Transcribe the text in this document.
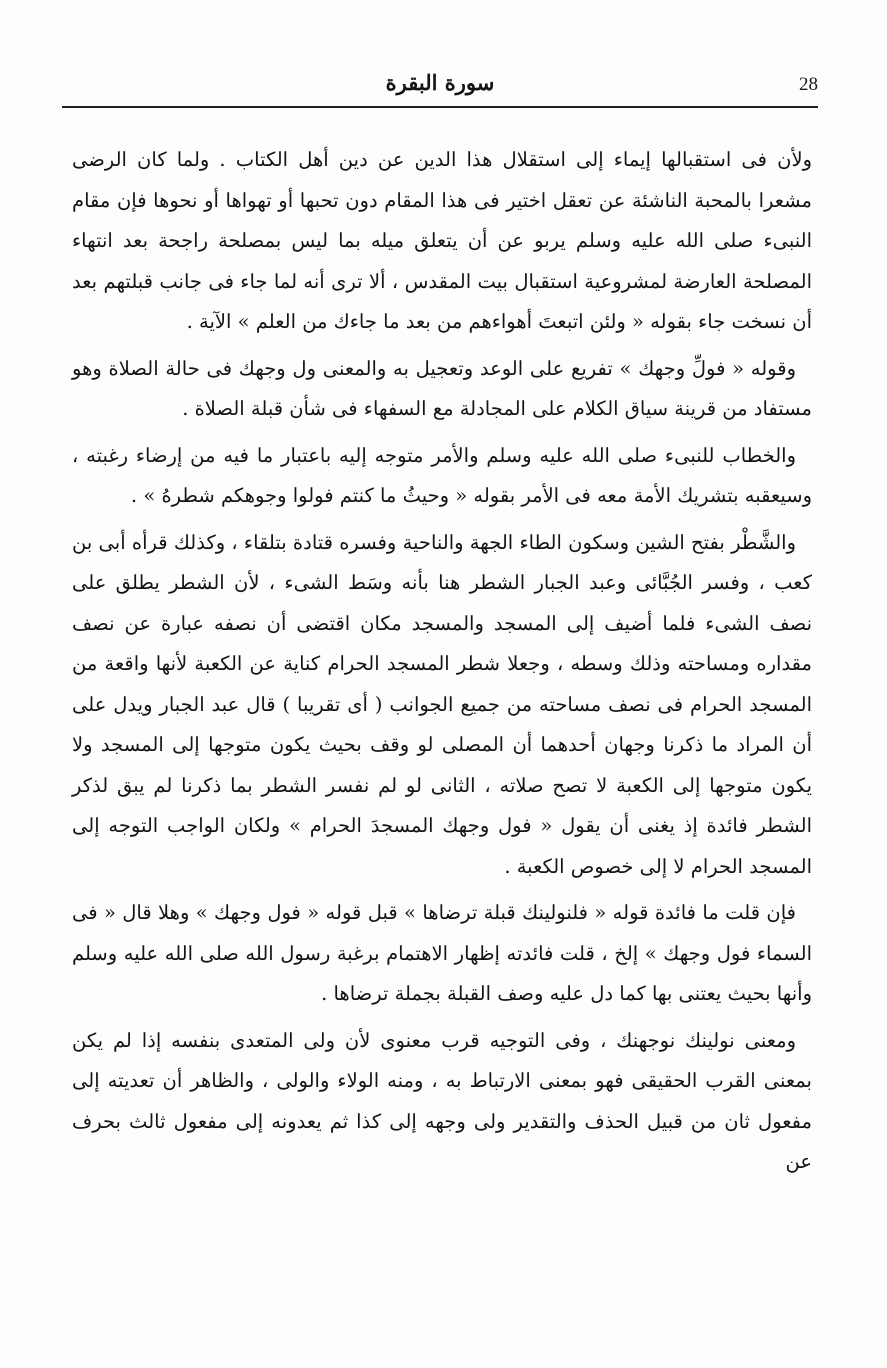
28
سورة البقرة

ولأن فى استقبالها إيماء إلى استقلال هذا الدين عن دين أهل الكتاب . ولما كان الرضى مشعرا بالمحبة الناشئة عن تعقل اختير فى هذا المقام دون تحبها أو تهواها أو نحوها فإن مقام النبىء صلى الله عليه وسلم يربو عن أن يتعلق ميله بما ليس بمصلحة راجحة بعد انتهاء المصلحة العارضة لمشروعية استقبال بيت المقدس ، ألا ترى أنه لما جاء فى جانب قبلتهم بعد أن نسخت جاء بقوله « ولئن اتبعتَ أهواءهم من بعد ما جاءك من العلم » الآية .

وقوله « فولِّ وجهك » تفريع على الوعد وتعجيل به والمعنى ول وجهك فى حالة الصلاة وهو مستفاد من قرينة سياق الكلام على المجادلة مع السفهاء فى شأن قبلة الصلاة .

والخطاب للنبىء صلى الله عليه وسلم والأمر متوجه إليه باعتبار ما فيه من إرضاء رغبته ، وسيعقبه بتشريك الأمة معه فى الأمر بقوله « وحيثُ ما كنتم فولوا وجوهكم شطرهُ » .

والشَّطْر بفتح الشين وسكون الطاء الجهة والناحية وفسره قتادة بتلقاء ، وكذلك قرأه أبى بن كعب ، وفسر الجُبَّائى وعبد الجبار الشطر هنا بأنه وسَط الشىء ، لأن الشطر يطلق على نصف الشىء فلما أضيف إلى المسجد والمسجد مكان اقتضى أن نصفه عبارة عن نصف مقداره ومساحته وذلك وسطه ، وجعلا شطر المسجد الحرام كناية عن الكعبة لأنها واقعة من المسجد الحرام فى نصف مساحته من جميع الجوانب ( أى تقريبا ) قال عبد الجبار ويدل على أن المراد ما ذكرنا وجهان أحدهما أن المصلى لو وقف بحيث يكون متوجها إلى المسجد ولا يكون متوجها إلى الكعبة لا تصح صلاته ، الثانى لو لم نفسر الشطر بما ذكرنا لم يبق لذكر الشطر فائدة إذ يغنى أن يقول « فول وجهك المسجدَ الحرام » ولكان الواجب التوجه إلى المسجد الحرام لا إلى خصوص الكعبة .

فإن قلت ما فائدة قوله « فلنولينك قبلة ترضاها » قبل قوله « فول وجهك » وهلا قال « فى السماء فول وجهك » إلخ ، قلت فائدته إظهار الاهتمام برغبة رسول الله صلى الله عليه وسلم وأنها بحيث يعتنى بها كما دل عليه وصف القبلة بجملة ترضاها .

ومعنى نولينك نوجهنك ، وفى التوجيه قرب معنوى لأن ولى المتعدى بنفسه إذا لم يكن بمعنى القرب الحقيقى فهو بمعنى الارتباط به ، ومنه الولاء والولى ، والظاهر أن تعديته إلى مفعول ثان من قبيل الحذف والتقدير ولى وجهه إلى كذا ثم يعدونه إلى مفعول ثالث بحرف عن
